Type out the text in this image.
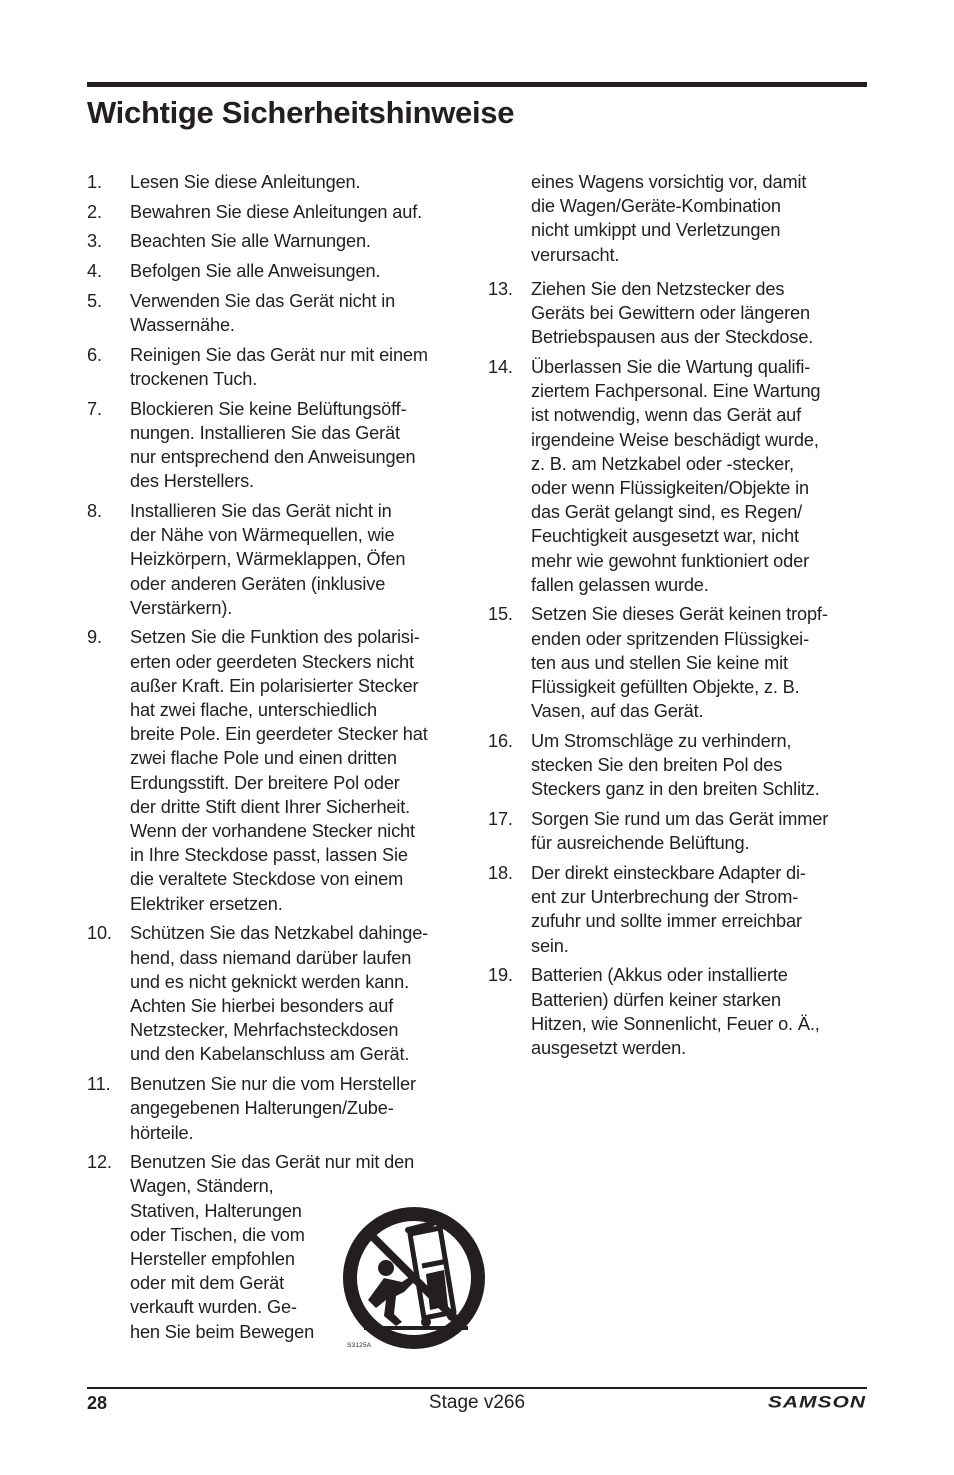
Wichtige Sicherheitshinweise
1.	Lesen Sie diese Anleitungen.
2.	Bewahren Sie diese Anleitungen auf.
3.	Beachten Sie alle Warnungen.
4.	Befolgen Sie alle Anweisungen.
5.	Verwenden Sie das Gerät nicht in
Wassernähe.
6.	Reinigen Sie das Gerät nur mit einem
trockenen Tuch.
7.	Blockieren Sie keine Belüftungsöff-
nungen. Installieren Sie das Gerät
nur entsprechend den Anweisungen
des Herstellers.
8.	Installieren Sie das Gerät nicht in
der Nähe von Wärmequellen, wie
Heizkörpern, Wärmeklappen, Öfen
oder anderen Geräten (inklusive
Verstärkern).
9.	Setzen Sie die Funktion des polarisi-
erten oder geerdeten Steckers nicht
außer Kraft. Ein polarisierter Stecker
hat zwei flache, unterschiedlich
breite Pole. Ein geerdeter Stecker hat
zwei flache Pole und einen dritten
Erdungsstift. Der breitere Pol oder
der dritte Stift dient Ihrer Sicherheit.
Wenn der vorhandene Stecker nicht
in Ihre Steckdose passt, lassen Sie
die veraltete Steckdose von einem
Elektriker ersetzen.
10. Schützen Sie das Netzkabel dahinge-
hend, dass niemand darüber laufen
und es nicht geknickt werden kann.
Achten Sie hierbei besonders auf
Netzstecker, Mehrfachsteckdosen
und den Kabelanschluss am Gerät.
11.	Benutzen Sie nur die vom Hersteller
angegebenen Halterungen/Zube-
hörteile.
12. Benutzen Sie das Gerät nur mit den
Wagen, Ständern,
Stativen, Halterungen
oder Tischen, die vom
Hersteller empfohlen
oder mit dem Gerät
verkauft wurden. Ge-
hen Sie beim Bewegen
S3125A
eines Wagens vorsichtig vor, damit
die Wagen/Geräte-Kombination
nicht umkippt und Verletzungen
verursacht.
13. Ziehen Sie den Netzstecker des
Geräts bei Gewittern oder längeren
Betriebspausen aus der Steckdose.
14. Überlassen Sie die Wartung qualifi-
ziertem Fachpersonal. Eine Wartung
ist notwendig, wenn das Gerät auf
irgendeine Weise beschädigt wurde,
z. B. am Netzkabel oder -stecker,
oder wenn Flüssigkeiten/Objekte in
das Gerät gelangt sind, es Regen/
Feuchtigkeit ausgesetzt war, nicht
mehr wie gewohnt funktioniert oder
fallen gelassen wurde.
15. Setzen Sie dieses Gerät keinen tropf-
enden oder spritzenden Flüssigkei-
ten aus und stellen Sie keine mit
Flüssigkeit gefüllten Objekte, z. B.
Vasen, auf das Gerät.
16. Um Stromschläge zu verhindern,
stecken Sie den breiten Pol des
Steckers ganz in den breiten Schlitz.
17. Sorgen Sie rund um das Gerät immer
für ausreichende Belüftung.
18. Der direkt einsteckbare Adapter di-
ent zur Unterbrechung der Strom-
zufuhr und sollte immer erreichbar
sein.
19. Batterien (Akkus oder installierte
Batterien) dürfen keiner starken
Hitzen, wie Sonnenlicht, Feuer o. Ä.,
ausgesetzt werden.
28	Stage v266	SAMSON
